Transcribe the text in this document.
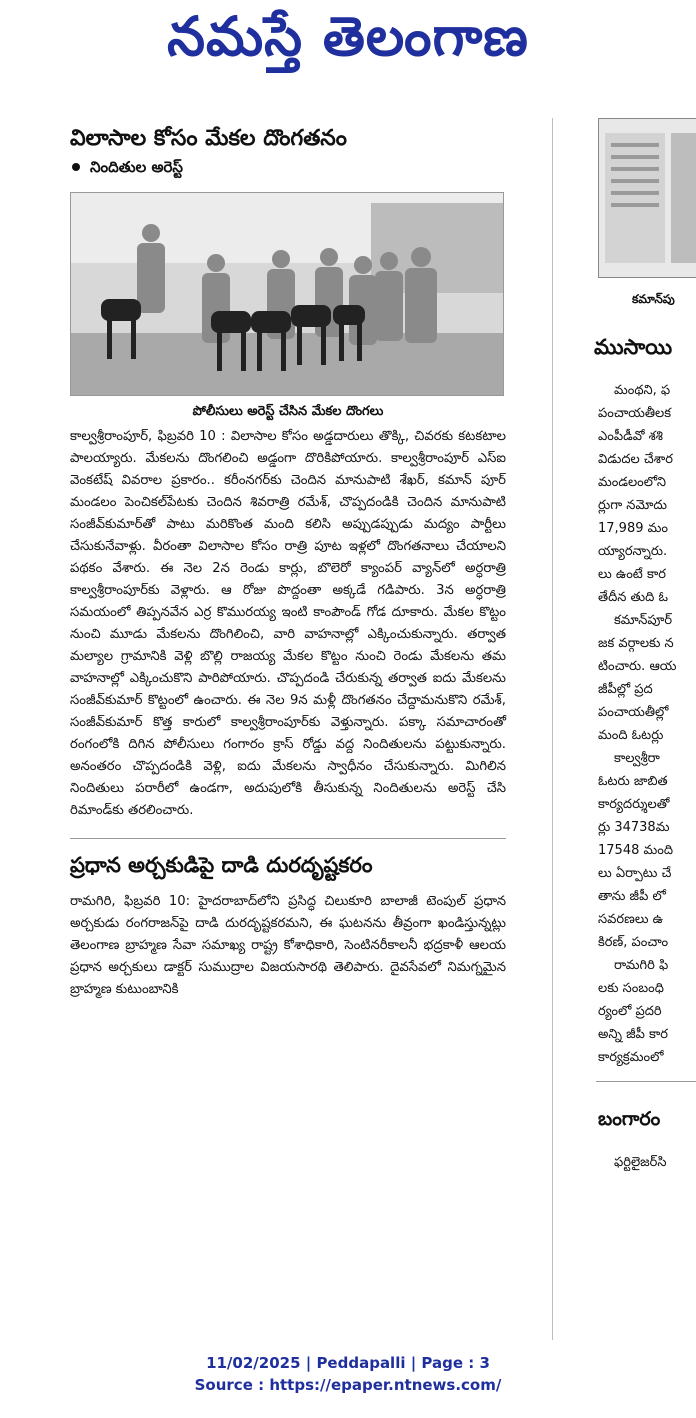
నమస్తే తెలంగాణ
విలాసాల కోసం మేకల దొంగతనం
నిందితుల అరెస్ట్
పోలీసులు అరెస్ట్ చేసిన మేకల దొంగలు

కాల్వశ్రీరాంపూర్, ఫిబ్రవరి 10 : విలాసాల కోసం అడ్డదారులు తొక్కి, చివరకు కటకటాల పాలయ్యారు. మేకలను దొంగలించి అడ్డంగా దొరికిపోయారు. కాల్వశ్రీరాంపూర్ ఎస్ఐ వెంకటేష్ వివరాల ప్రకారం.. కరీంనగర్‌కు చెందిన మానుపాటి శేఖర్, కమాన్ పూర్ మండలం పెంచికల్‌పేటకు చెందిన శివరాత్రి రమేశ్, చొప్పదండికి చెందిన మానుపాటి సంజీవ్‌కుమార్‌తో పాటు మరికొంత మంది కలిసి అప్పుడప్పుడు మద్యం పార్టీలు చేసుకునేవాళ్లు. వీరంతా విలాసాల కోసం రాత్రి పూట ఇళ్లలో దొంగతనాలు చేయాలని పథకం వేశారు. ఈ నెల 2న రెండు కార్లు, బొలెరో క్యాంపర్ వ్యాన్‌లో అర్ధరాత్రి కాల్వశ్రీరాంపూర్‌కు వెళ్లారు. ఆ రోజు పొద్దంతా అక్కడే గడిపారు. 3న అర్ధరాత్రి సమయంలో తిప్పనవేన ఎర్ర కొమురయ్య ఇంటి కాంపౌండ్ గోడ దూకారు. మేకల కొట్టం నుంచి మూడు మేకలను దొంగిలించి, వారి వాహనాల్లో ఎక్కించుకున్నారు. తర్వాత మల్యాల గ్రామానికి వెళ్లి బొల్లి రాజయ్య మేకల కొట్టం నుంచి రెండు మేకలను తమ వాహనాల్లో ఎక్కించుకొని పారిపోయారు. చొప్పదండి చేరుకున్న తర్వాత ఐదు మేకలను సంజీవ్‌కుమార్ కొట్టంలో ఉంచారు. ఈ నెల 9న మళ్లీ దొంగతనం చేద్దామనుకొని రమేశ్, సంజీవ్‌కుమార్ కొత్త కారులో కాల్వశ్రీరాంపూర్‌కు వెళ్తున్నారు. పక్కా సమాచారంతో రంగంలోకి దిగిన పోలీసులు గంగారం క్రాస్ రోడ్డు వద్ద నిందితులను పట్టుకున్నారు. అనంతరం చొప్పదండికి వెళ్లి, ఐదు మేకలను స్వాధీనం చేసుకున్నారు. మిగిలిన నిందితులు పరారీలో ఉండగా, అదుపులోకి తీసుకున్న నిందితులను అరెస్ట్ చేసి రిమాండ్‌కు తరలించారు.

ప్రధాన అర్చకుడిపై దాడి దురదృష్టకరం

రామగిరి, ఫిబ్రవరి 10: హైదరాబాద్‌లోని ప్రసిద్ధ చిలుకూరి బాలాజీ టెంపుల్ ప్రధాన అర్చకుడు రంగరాజన్‌పై దాడి దురదృష్టకరమని, ఈ ఘటనను తీవ్రంగా ఖండిస్తున్నట్లు తెలంగాణ బ్రాహ్మణ సేవా సమాఖ్య రాష్ట్ర కోశాధికారి, సెంటినరీకాలనీ భద్రకాళీ ఆలయ ప్రధాన అర్చకులు డాక్టర్ సుముద్రాల విజయసారథి తెలిపారు. దైవసేవలో నిమగ్నమైన బ్రాహ్మణ కుటుంబానికి

కమాన్‌పు
ముసాయి
మంథని, ఫ
పంచాయతీలక
ఎంపీడీవో శశి
విడుదల చేశార
మండలంలోని
ర్లుగా నమోదు
17,989 మం
య్యారన్నారు.
లు ఉంటే కార
తేదీన తుది ఓ
కమాన్‌పూర్
జక వర్గాలకు న
టించారు. ఆయ
జీపీల్లో ప్రద
పంచాయతీల్లో
మంది ఓటర్లు
కాల్వశ్రీరా
ఓటరు జాబిత
కార్యదర్శులతో
ర్లు 34738మ
17548 మంది
లు ఏర్పాటు చే
తాను జీపీ లో
సవరణలు ఉ
కిరణ్, పంచాం
రామగిరి ఫి
లకు సంబంధి
ర్యంలో ప్రదరి
అన్ని జీపీ కార
కార్యక్రమంలో
బంగారం
ఫర్టిలైజర్‌సి
11/02/2025 | Peddapalli | Page : 3
Source : https://epaper.ntnews.com/
